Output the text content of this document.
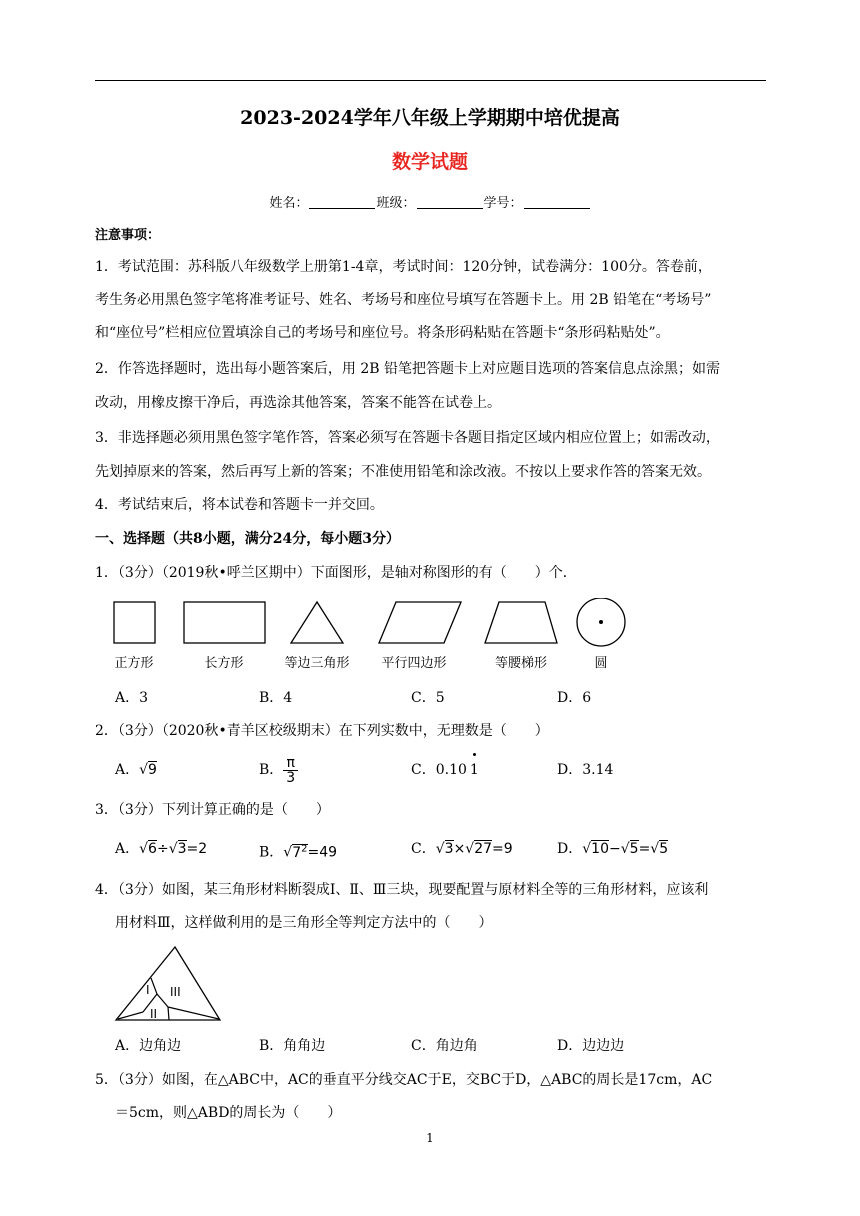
2023-2024学年八年级上学期期中培优提高
数学试题
姓名：	班级：	学号：
注意事项：
1．考试范围：苏科版八年级数学上册第1-4章，考试时间：120分钟，试卷满分：100分。答卷前，
考生务必用黑色签字笔将准考证号、姓名、考场号和座位号填写在答题卡上。用 2B 铅笔在“考场号”
和“座位号”栏相应位置填涂自己的考场号和座位号。将条形码粘贴在答题卡“条形码粘贴处”。
2．作答选择题时，选出每小题答案后，用 2B 铅笔把答题卡上对应题目选项的答案信息点涂黑；如需
改动，用橡皮擦干净后，再选涂其他答案，答案不能答在试卷上。
3．非选择题必须用黑色签字笔作答，答案必须写在答题卡各题目指定区域内相应位置上；如需改动，
先划掉原来的答案，然后再写上新的答案；不准使用铅笔和涂改液。不按以上要求作答的答案无效。
4．考试结束后，将本试卷和答题卡一并交回。
一、选择题（共8小题，满分24分，每小题3分）
1．（3分）（2019秋•呼兰区期中）下面图形，是轴对称图形的有（　　）个．
正方形	长方形	等边三角形 平行四边形	等腰梯形	圆
A．3	B．4	C．5	D．6
2．（3分）（2020秋•青羊区校级期末）在下列实数中，无理数是（　　）
A．√9	B． $\frac{\pi}{3}$	C．0.10 1	D．3.14
3．（3分）下列计算正确的是（　　）
A．√6÷√3=2	B．$√7^2=49$	C．√3×√27=9	D．√10−√5=√5
4．（3分）如图，某三角形材料断裂成Ⅰ、Ⅱ、Ⅲ三块，现要配置与原材料全等的三角形材料，应该利
用材料Ⅲ，这样做利用的是三角形全等判定方法中的（　　）
I
II
III
A．边角边	B．角角边	C．角边角	D．边边边
5．（3分）如图，在△ABC中，AC的垂直平分线交AC于E，交BC于D，△ABC的周长是17cm，AC
＝5cm，则△ABD的周长为（　　）
1
